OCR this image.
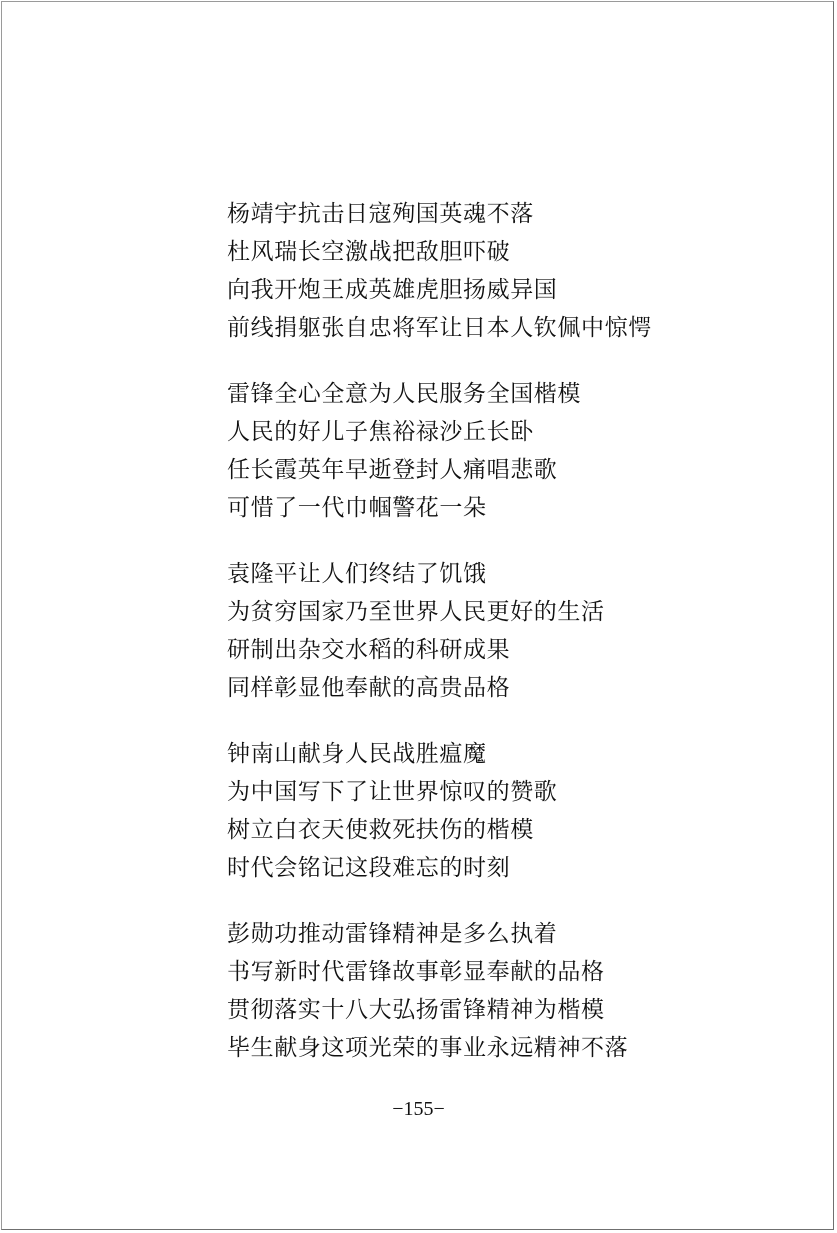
杨靖宇抗击日寇殉国英魂不落
杜风瑞长空激战把敌胆吓破
向我开炮王成英雄虎胆扬威异国
前线捐躯张自忠将军让日本人钦佩中惊愕
雷锋全心全意为人民服务全国楷模
人民的好儿子焦裕禄沙丘长卧
任长霞英年早逝登封人痛唱悲歌
可惜了一代巾帼警花一朵
袁隆平让人们终结了饥饿
为贫穷国家乃至世界人民更好的生活
研制出杂交水稻的科研成果
同样彰显他奉献的高贵品格
钟南山献身人民战胜瘟魔
为中国写下了让世界惊叹的赞歌
树立白衣天使救死扶伤的楷模
时代会铭记这段难忘的时刻
彭勋功推动雷锋精神是多么执着
书写新时代雷锋故事彰显奉献的品格
贯彻落实十八大弘扬雷锋精神为楷模
毕生献身这项光荣的事业永远精神不落
−155−
